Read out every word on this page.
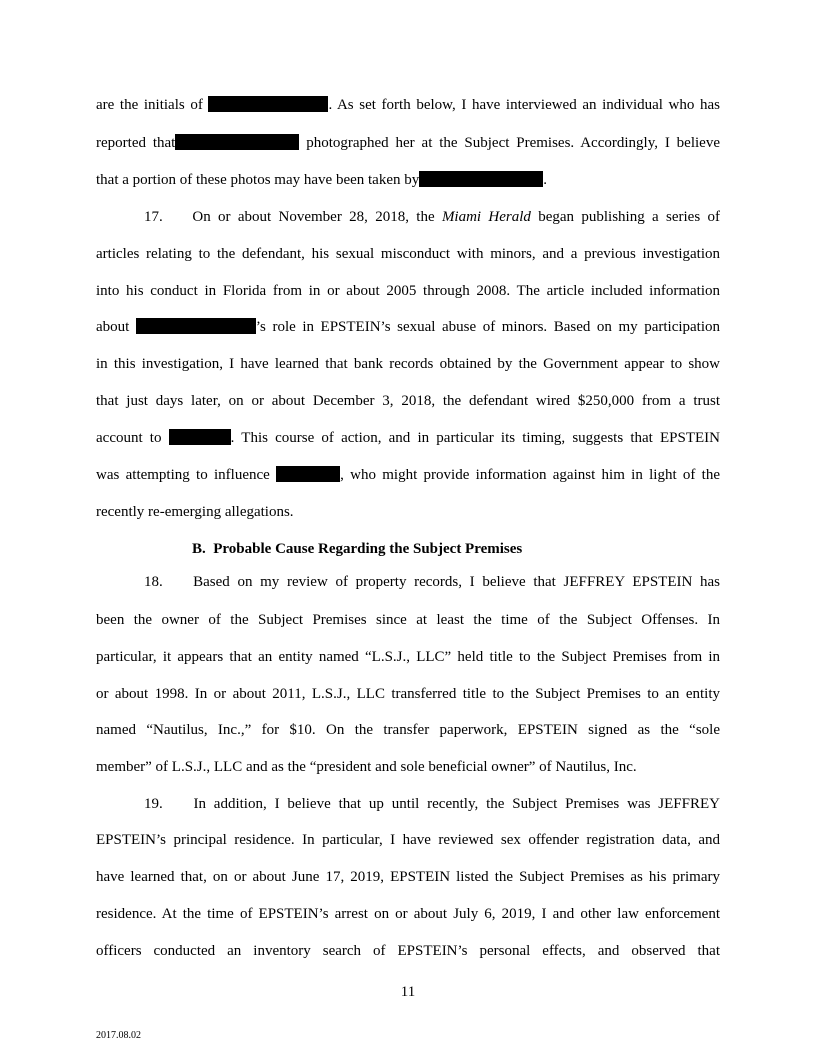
are the initials of	. As set forth below, I have interviewed an individual who has

reported that	photographed her at the Subject Premises. Accordingly, I believe

that a portion of these photos may have been taken by	.

17.   On or about November 28, 2018, the Miami Herald began publishing a series of

articles relating to the defendant, his sexual misconduct with minors, and a previous investigation

into his conduct in Florida from in or about 2005 through 2008. The article included information

about	’s role in EPSTEIN’s sexual abuse of minors. Based on my participation

in this investigation, I have learned that bank records obtained by the Government appear to show

that just days later, on or about December 3, 2018, the defendant wired $250,000 from a trust

account to	. This course of action, and in particular its timing, suggests that EPSTEIN

was attempting to influence	, who might provide information against him in light of the

recently re-emerging allegations.

B.  Probable Cause Regarding the Subject Premises

18.   Based on my review of property records, I believe that JEFFREY EPSTEIN has

been the owner of the Subject Premises since at least the time of the Subject Offenses. In

particular, it appears that an entity named “L.S.J., LLC” held title to the Subject Premises from in

or about 1998. In or about 2011, L.S.J., LLC transferred title to the Subject Premises to an entity

named “Nautilus, Inc.,” for $10. On the transfer paperwork, EPSTEIN signed as the “sole

member” of L.S.J., LLC and as the “president and sole beneficial owner” of Nautilus, Inc.

19.   In addition, I believe that up until recently, the Subject Premises was JEFFREY

EPSTEIN’s principal residence. In particular, I have reviewed sex offender registration data, and

have learned that, on or about June 17, 2019, EPSTEIN listed the Subject Premises as his primary

residence. At the time of EPSTEIN’s arrest on or about July 6, 2019, I and other law enforcement

officers conducted an inventory search of EPSTEIN’s personal effects, and observed that

11
2017.08.02
